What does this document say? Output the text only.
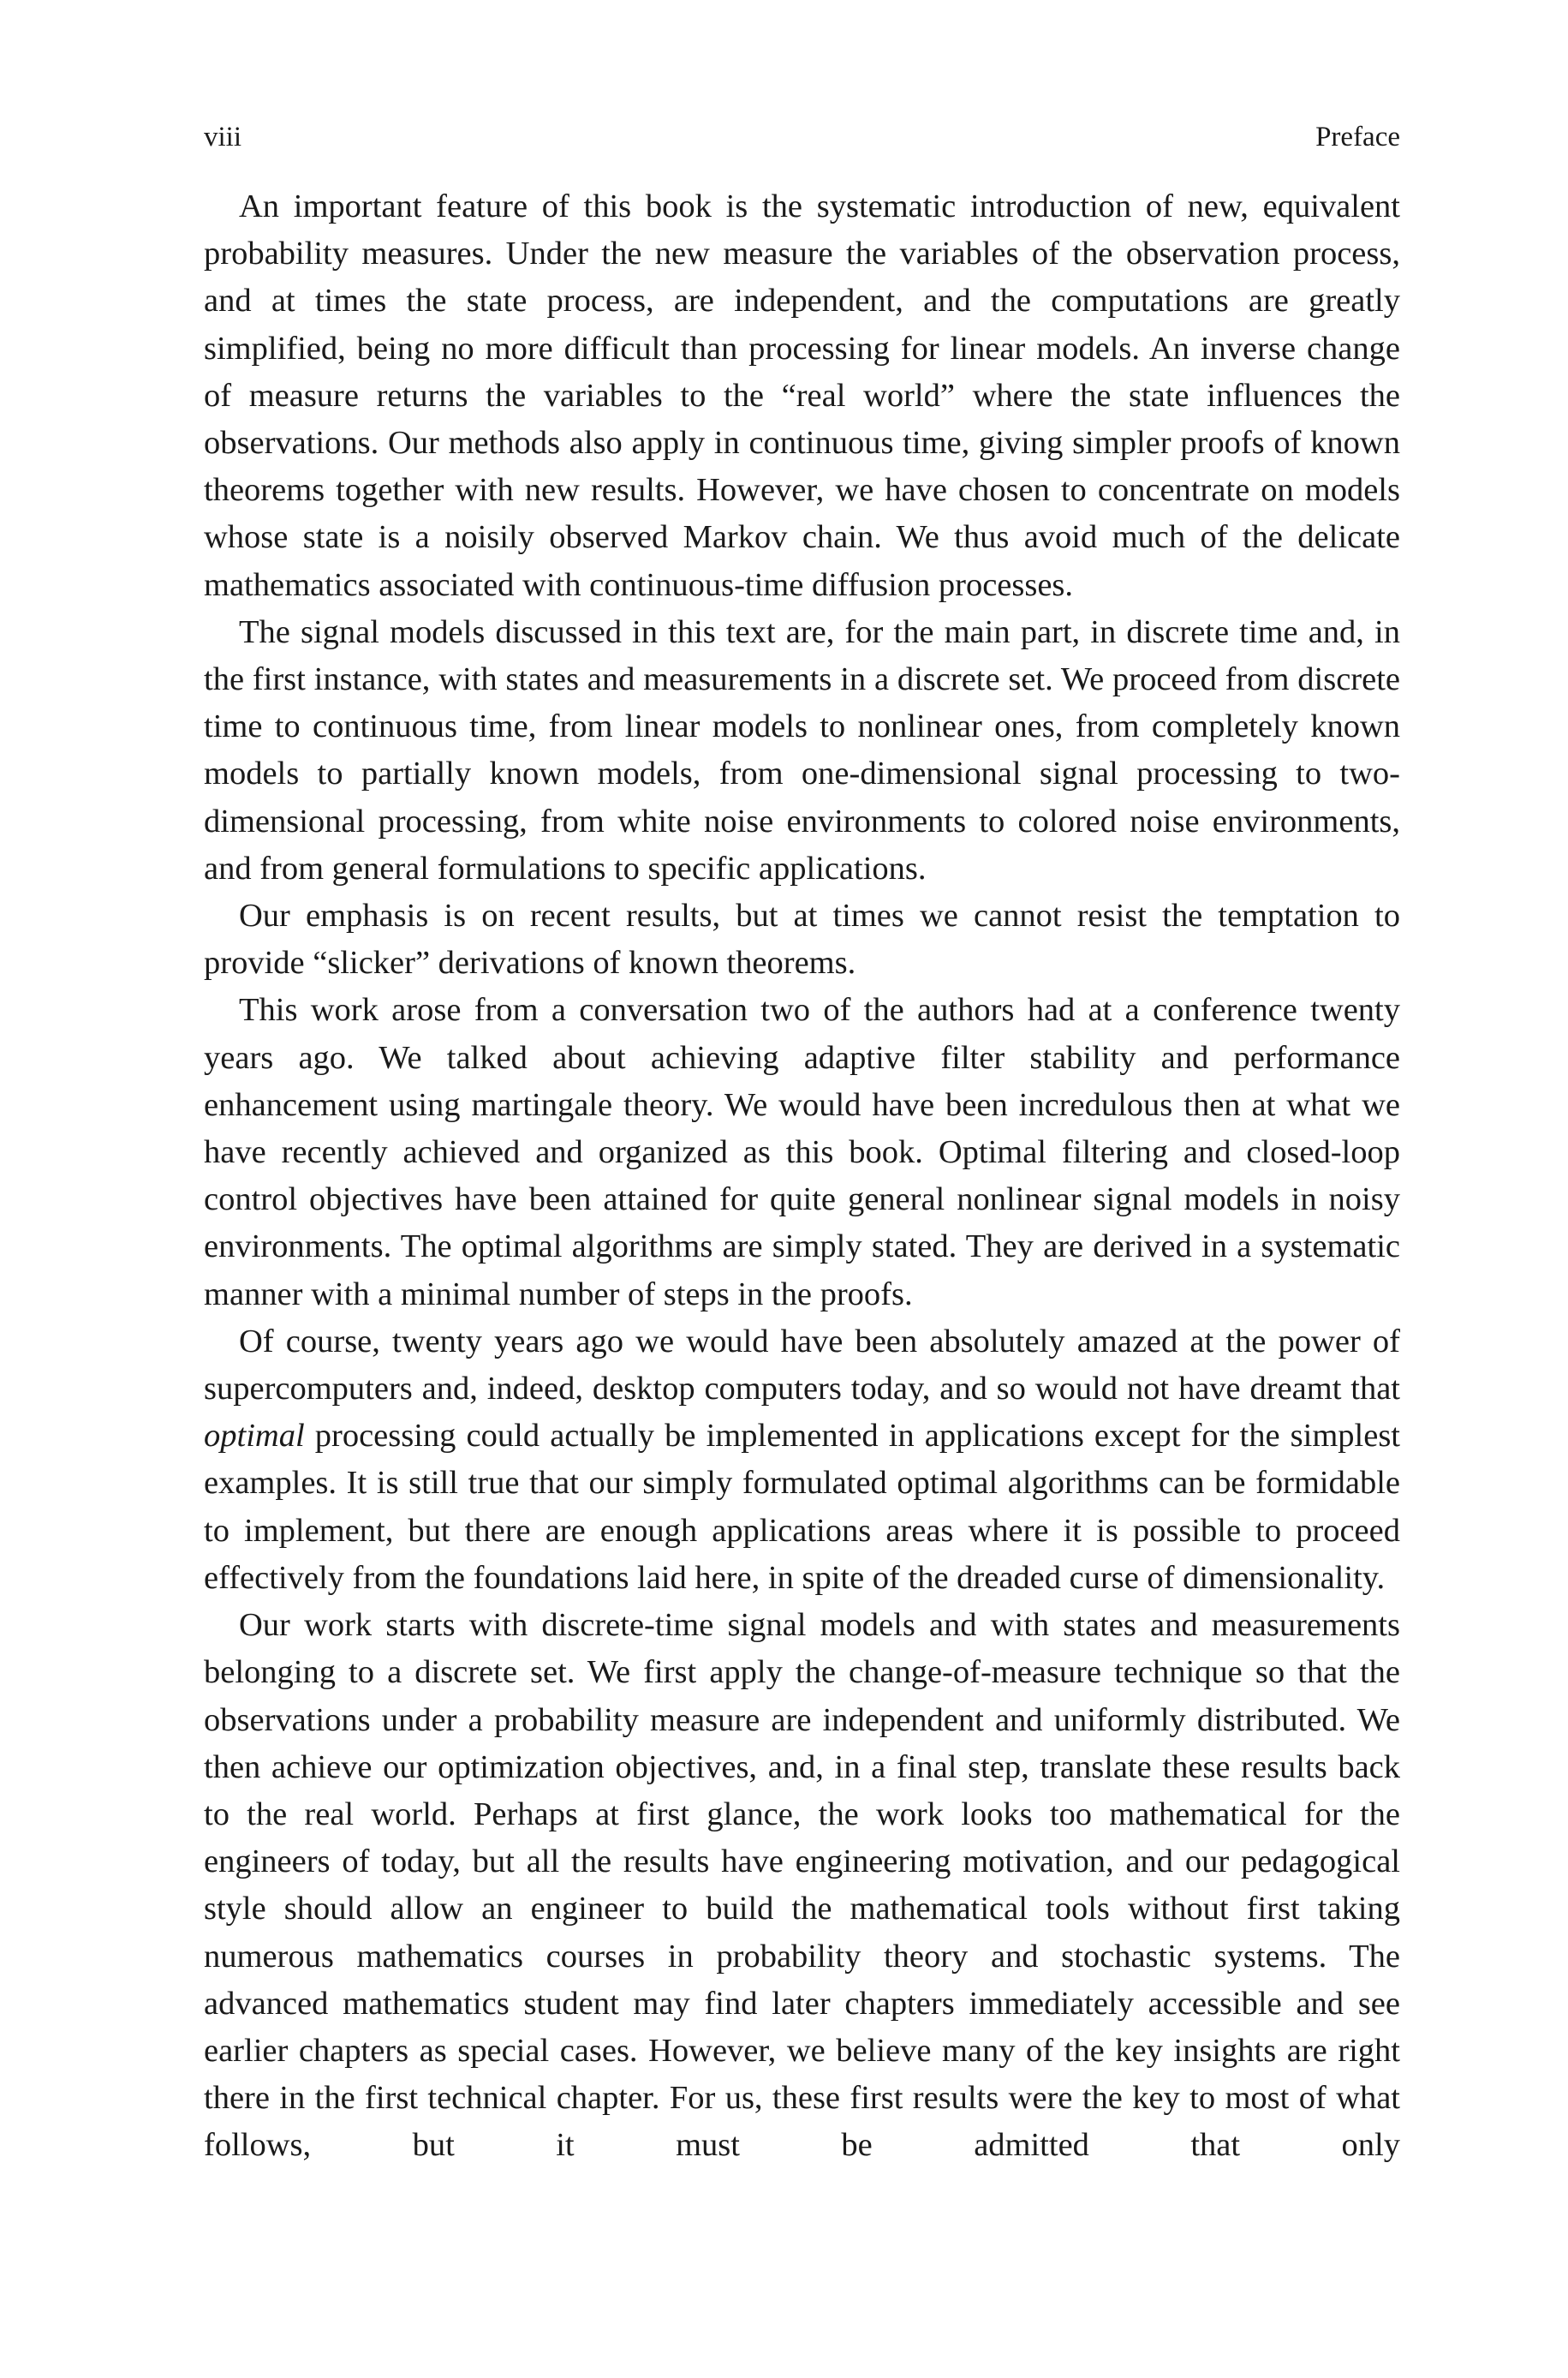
viii	Preface

An important feature of this book is the systematic introduction of new, equivalent probability measures. Under the new measure the variables of the observation process, and at times the state process, are independent, and the computations are greatly simplified, being no more difficult than processing for linear models. An inverse change of measure returns the variables to the “real world” where the state influences the observations. Our methods also apply in continuous time, giving simpler proofs of known theorems together with new results. However, we have chosen to concentrate on models whose state is a noisily observed Markov chain. We thus avoid much of the delicate mathematics associated with continuous-time diffusion processes.

The signal models discussed in this text are, for the main part, in discrete time and, in the first instance, with states and measurements in a discrete set. We proceed from discrete time to continuous time, from linear models to nonlinear ones, from completely known models to partially known models, from one-dimensional signal processing to two-dimensional processing, from white noise environments to colored noise environments, and from general formulations to specific applications.

Our emphasis is on recent results, but at times we cannot resist the temptation to provide “slicker” derivations of known theorems.

This work arose from a conversation two of the authors had at a conference twenty years ago. We talked about achieving adaptive filter stability and performance enhancement using martingale theory. We would have been incredulous then at what we have recently achieved and organized as this book. Optimal filtering and closed-loop control objectives have been attained for quite general nonlinear signal models in noisy environments. The optimal algorithms are simply stated. They are derived in a systematic manner with a minimal number of steps in the proofs.

Of course, twenty years ago we would have been absolutely amazed at the power of supercomputers and, indeed, desktop computers today, and so would not have dreamt that optimal processing could actually be implemented in applications except for the simplest examples. It is still true that our simply formulated optimal algorithms can be formidable to implement, but there are enough applications areas where it is possible to proceed effectively from the foundations laid here, in spite of the dreaded curse of dimensionality.

Our work starts with discrete-time signal models and with states and measurements belonging to a discrete set. We first apply the change-of-measure technique so that the observations under a probability measure are independent and uniformly distributed. We then achieve our optimization objectives, and, in a final step, translate these results back to the real world. Perhaps at first glance, the work looks too mathematical for the engineers of today, but all the results have engineering motivation, and our pedagogical style should allow an engineer to build the mathematical tools without first taking numerous mathematics courses in probability theory and stochastic systems. The advanced mathematics student may find later chapters immediately accessible and see earlier chapters as special cases. However, we believe many of the key insights are right there in the first technical chapter. For us, these first results were the key to most of what follows, but it must be admitted that only
